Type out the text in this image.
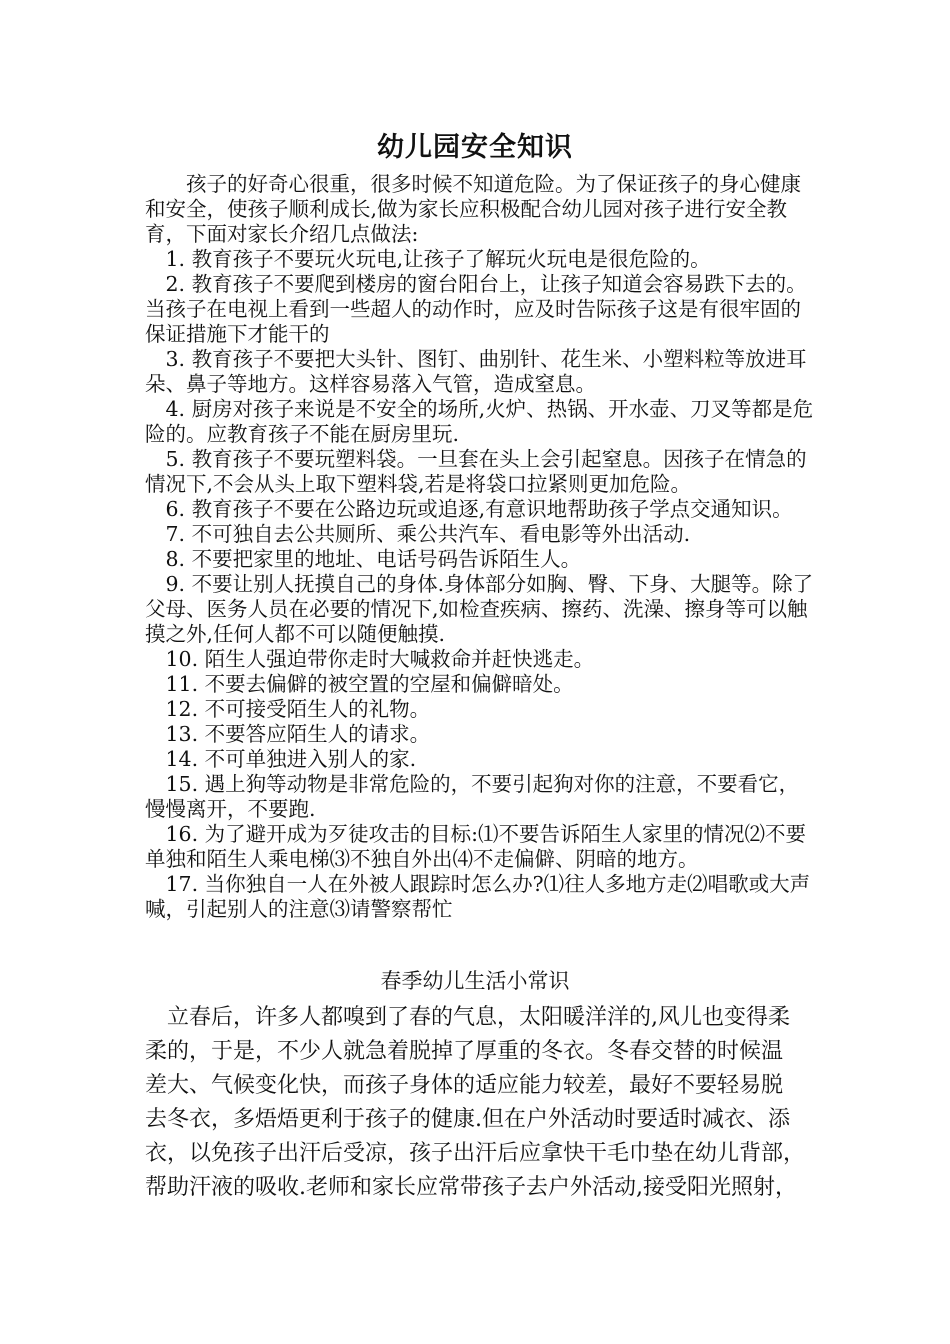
幼儿园安全知识

孩子的好奇心很重，很多时候不知道危险。为了保证孩子的身心健康和安全，使孩子顺利成长,做为家长应积极配合幼儿园对孩子进行安全教育，下面对家长介绍几点做法:

1. 教育孩子不要玩火玩电,让孩子了解玩火玩电是很危险的。

2. 教育孩子不要爬到楼房的窗台阳台上，让孩子知道会容易跌下去的。当孩子在电视上看到一些超人的动作时，应及时告际孩子这是有很牢固的保证措施下才能干的

3. 教育孩子不要把大头针、图钉、曲别针、花生米、小塑料粒等放进耳朵、鼻子等地方。这样容易落入气管，造成窒息。

4. 厨房对孩子来说是不安全的场所,火炉、热锅、开水壶、刀叉等都是危险的。应教育孩子不能在厨房里玩.

5. 教育孩子不要玩塑料袋。一旦套在头上会引起窒息。因孩子在情急的情况下,不会从头上取下塑料袋,若是将袋口拉紧则更加危险。

6. 教育孩子不要在公路边玩或追逐,有意识地帮助孩子学点交通知识。

7. 不可独自去公共厕所、乘公共汽车、看电影等外出活动.

8. 不要把家里的地址、电话号码告诉陌生人。

9. 不要让别人抚摸自己的身体.身体部分如胸、臀、下身、大腿等。除了父母、医务人员在必要的情况下,如检查疾病、擦药、洗澡、擦身等可以触摸之外,任何人都不可以随便触摸.

10. 陌生人强迫带你走时大喊救命并赶快逃走。

11. 不要去偏僻的被空置的空屋和偏僻暗处。

12. 不可接受陌生人的礼物。

13. 不要答应陌生人的请求。

14. 不可单独进入别人的家.

15. 遇上狗等动物是非常危险的，不要引起狗对你的注意，不要看它，慢慢离开，不要跑.

16. 为了避开成为歹徒攻击的目标:⑴不要告诉陌生人家里的情况⑵不要单独和陌生人乘电梯⑶不独自外出⑷不走偏僻、阴暗的地方。

17. 当你独自一人在外被人跟踪时怎么办?⑴往人多地方走⑵唱歌或大声喊，引起别人的注意⑶请警察帮忙

春季幼儿生活小常识

立春后，许多人都嗅到了春的气息，太阳暖洋洋的,风儿也变得柔
柔的，于是，不少人就急着脱掉了厚重的冬衣。冬春交替的时候温
差大、气候变化快，而孩子身体的适应能力较差，最好不要轻易脱
去冬衣，多焐焐更利于孩子的健康.但在户外活动时要适时减衣、添
衣，以免孩子出汗后受凉，孩子出汗后应拿快干毛巾垫在幼儿背部，
帮助汗液的吸收.老师和家长应常带孩子去户外活动,接受阳光照射，
